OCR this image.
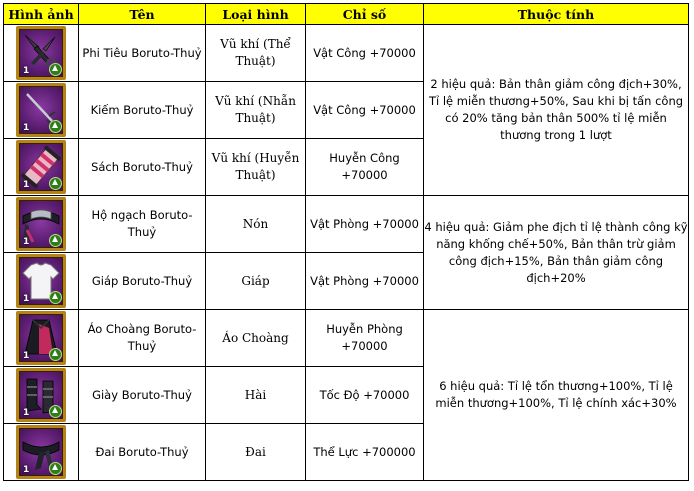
Hình ảnh	Tên	Loại hình	Chỉ số	Thuộc tính

1	Phi Tiêu Boruto-Thuỷ	Vũ khí (Thể Thuật)	Vật Công +70000	2 hiệu quả: Bản thân giảm công địch+30%, Tỉ lệ miễn thương+50%, Sau khi bị tấn công có 20% tăng bản thân 500% tỉ lệ miễn thương trong 1 lượt

1	Kiếm Boruto-Thuỷ	Vũ khí (Nhẫn Thuật)	Vật Công +70000	

1	Sách Boruto-Thuỷ	Vũ khí (Huyễn Thuật)	Huyễn Công +70000	

1	Hộ ngạch Boruto-Thuỷ	Nón	Vật Phòng +70000	4 hiệu quả: Giảm phe địch tỉ lệ thành công kỹ năng khống chế+50%, Bản thân trừ giảm công địch+15%, Bản thân giảm công địch+20%

1	Giáp Boruto-Thuỷ	Giáp	Vật Phòng +70000	

1	Áo Choàng Boruto-Thuỷ	Áo Choàng	Huyễn Phòng +70000	6 hiệu quả: Tỉ lệ tổn thương+100%, Tỉ lệ miễn thương+100%, Tỉ lệ chính xác+30%

1	Giày Boruto-Thuỷ	Hài	Tốc Độ +70000	

1	Đai Boruto-Thuỷ	Đai	Thể Lực +700000	
